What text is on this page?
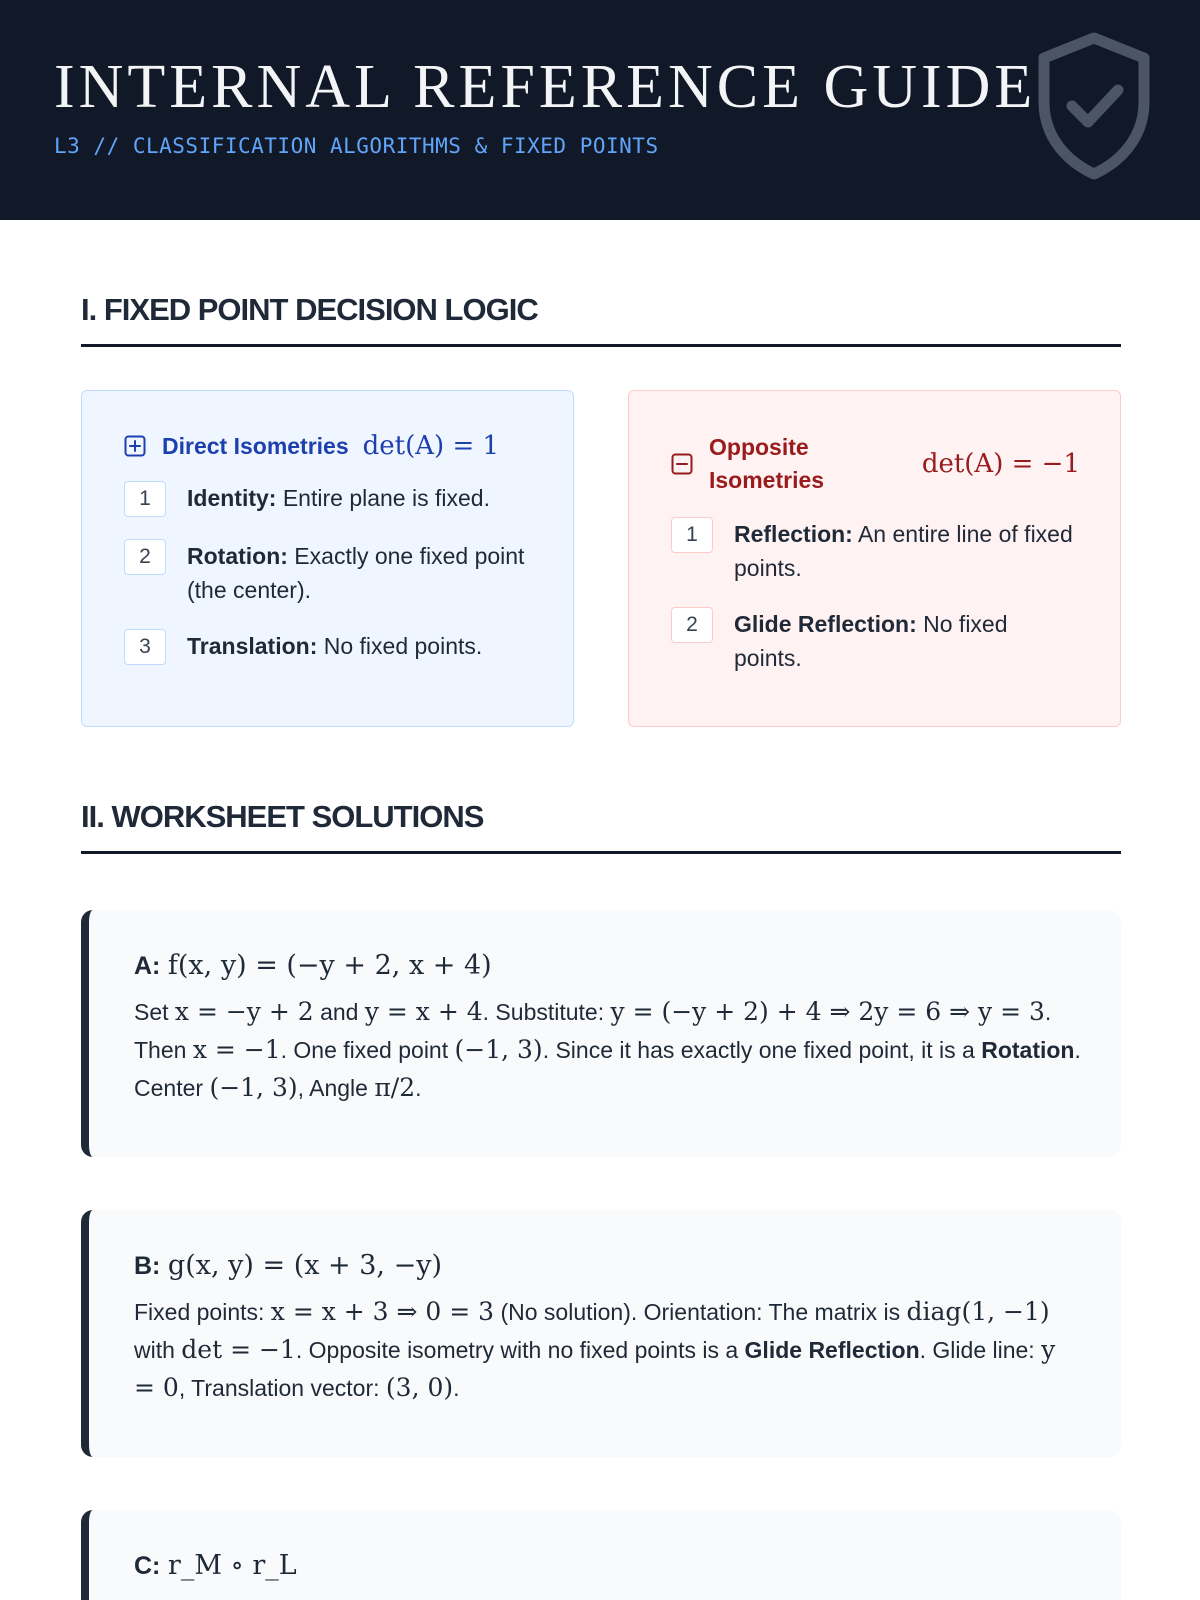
INTERNAL REFERENCE GUIDE
L3 // CLASSIFICATION ALGORITHMS & FIXED POINTS
I. FIXED POINT DECISION LOGIC
Direct Isometries det(A) = 1
1	Identity: Entire plane is fixed.
2	Rotation: Exactly one fixed point (the center).
3	Translation: No fixed points.
Opposite Isometries
det(A) = −1
1	Reflection: An entire line of fixed points.
2	Glide Reflection: No fixed points.
II. WORKSHEET SOLUTIONS
A: f(x, y) = (−y + 2, x + 4)
Set x = −y + 2 and y = x + 4. Substitute: y = (−y + 2) + 4 ⇒ 2y = 6 ⇒ y = 3. Then x = −1. One fixed point (−1, 3). Since it has exactly one fixed point, it is a Rotation. Center (−1, 3), Angle π/2.
B: g(x, y) = (x + 3, −y)
Fixed points: x = x + 3 ⇒ 0 = 3 (No solution). Orientation: The matrix is diag(1, −1) with det = −1. Opposite isometry with no fixed points is a Glide Reflection. Glide line: y = 0, Translation vector: (3, 0).
C: r_M ∘ r_L
